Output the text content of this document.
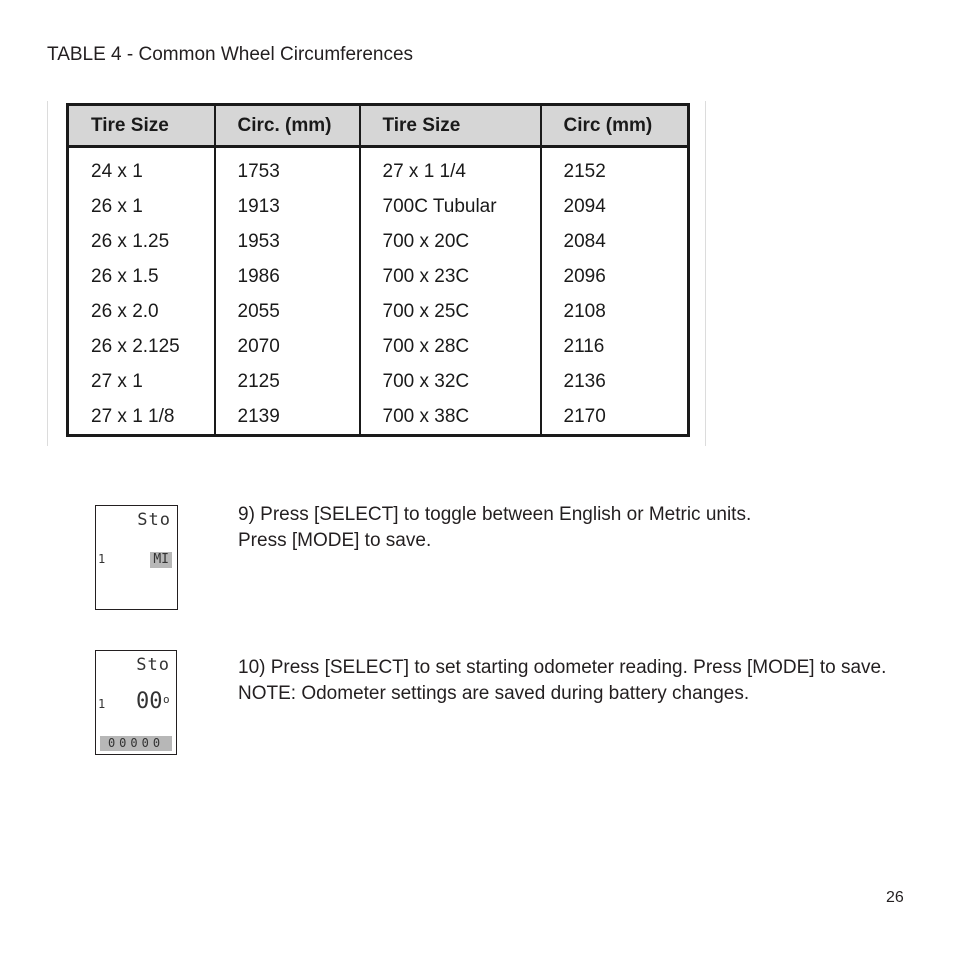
TABLE 4 - Common Wheel Circumferences
Tire Size	Circ. (mm)	Tire Size	Circ (mm)
24 x 1	1753	27 x 1 1/4	2152
26 x 1	1913	700C Tubular	2094
26 x 1.25	1953	700 x 20C	2084
26 x 1.5	1986	700 x 23C	2096
26 x 2.0	2055	700 x 25C	2108
26 x 2.125	2070	700 x 28C	2116
27 x 1	2125	700 x 32C	2136
27 x 1 1/8	2139	700 x 38C	2170
Sto
1	MI

9) Press [SELECT] to toggle between English or Metric units.

Press [MODE] to save.

Sto
1 00 o
00000

10) Press [SELECT] to set starting odometer reading. Press [MODE] to save. NOTE: Odometer settings are saved during battery changes.

26
